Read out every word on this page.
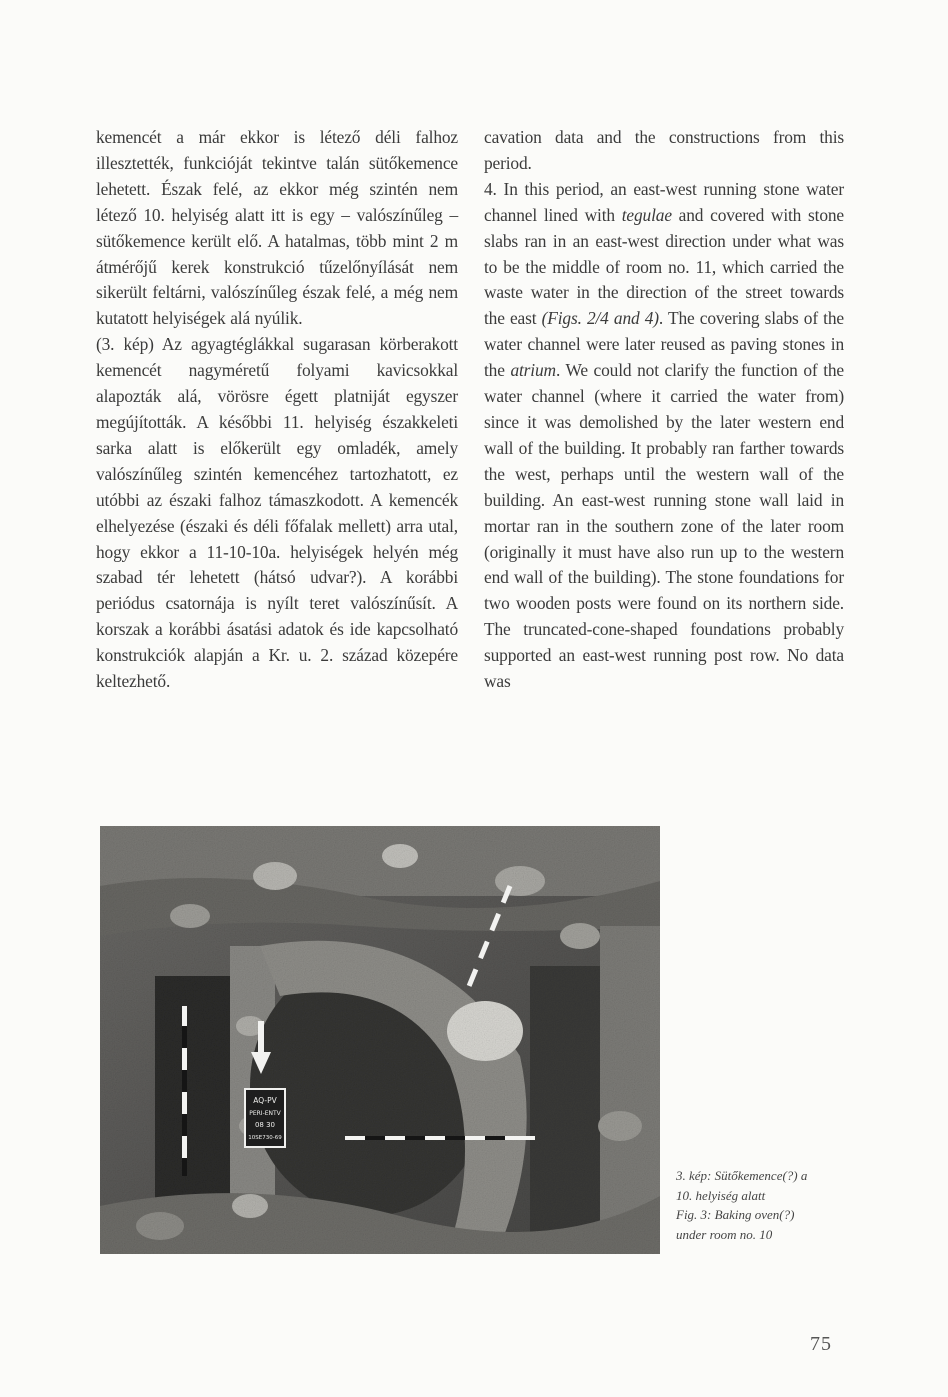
kemencét a már ekkor is létező déli falhoz illesztették, funkcióját tekintve talán sütőkemence lehetett. Észak felé, az ekkor még szintén nem létező 10. helyiség alatt itt is egy – valószínűleg – sütőkemence került elő. A hatalmas, több mint 2 m átmérőjű kerek konstrukció tűzelőnyílását nem sikerült feltárni, valószínűleg észak felé, a még nem kutatott helyiségek alá nyúlik.

(3. kép) Az agyagtéglákkal sugarasan körberakott kemencét nagyméretű folyami kavicsokkal alapozták alá, vörösre égett platniját egyszer megújították. A későbbi 11. helyiség északkeleti sarka alatt is előkerült egy omladék, amely valószínűleg szintén kemencéhez tartozhatott, ez utóbbi az északi falhoz támaszkodott. A kemencék elhelyezése (északi és déli főfalak mellett) arra utal, hogy ekkor a 11-10-10a. helyiségek helyén még szabad tér lehetett (hátsó udvar?). A korábbi periódus csatornája is nyílt teret valószínűsít. A korszak a korábbi ásatási adatok és ide kapcsolható konstrukciók alapján a Kr. u. 2. század közepére keltezhető.

cavation data and the constructions from this period.

4. In this period, an east-west running stone water channel lined with tegulae and covered with stone slabs ran in an east-west direction under what was to be the middle of room no. 11, which carried the waste water in the direction of the street towards the east (Figs. 2/4 and 4). The covering slabs of the water channel were later reused as paving stones in the atrium. We could not clarify the function of the water channel (where it carried the water from) since it was demolished by the later western end wall of the building. It probably ran farther towards the west, perhaps until the western wall of the building. An east-west running stone wall laid in mortar ran in the southern zone of the later room (originally it must have also run up to the western end wall of the building). The stone foundations for two wooden posts were found on its northern side. The truncated-cone-shaped foundations probably supported an east-west running post row. No data was

AQ-PV
PERI-ENTV
08 30
10SE730-69
3. kép: Sütőkemence(?) a
10. helyiség alatt
Fig. 3: Baking oven(?)
under room no. 10
75
